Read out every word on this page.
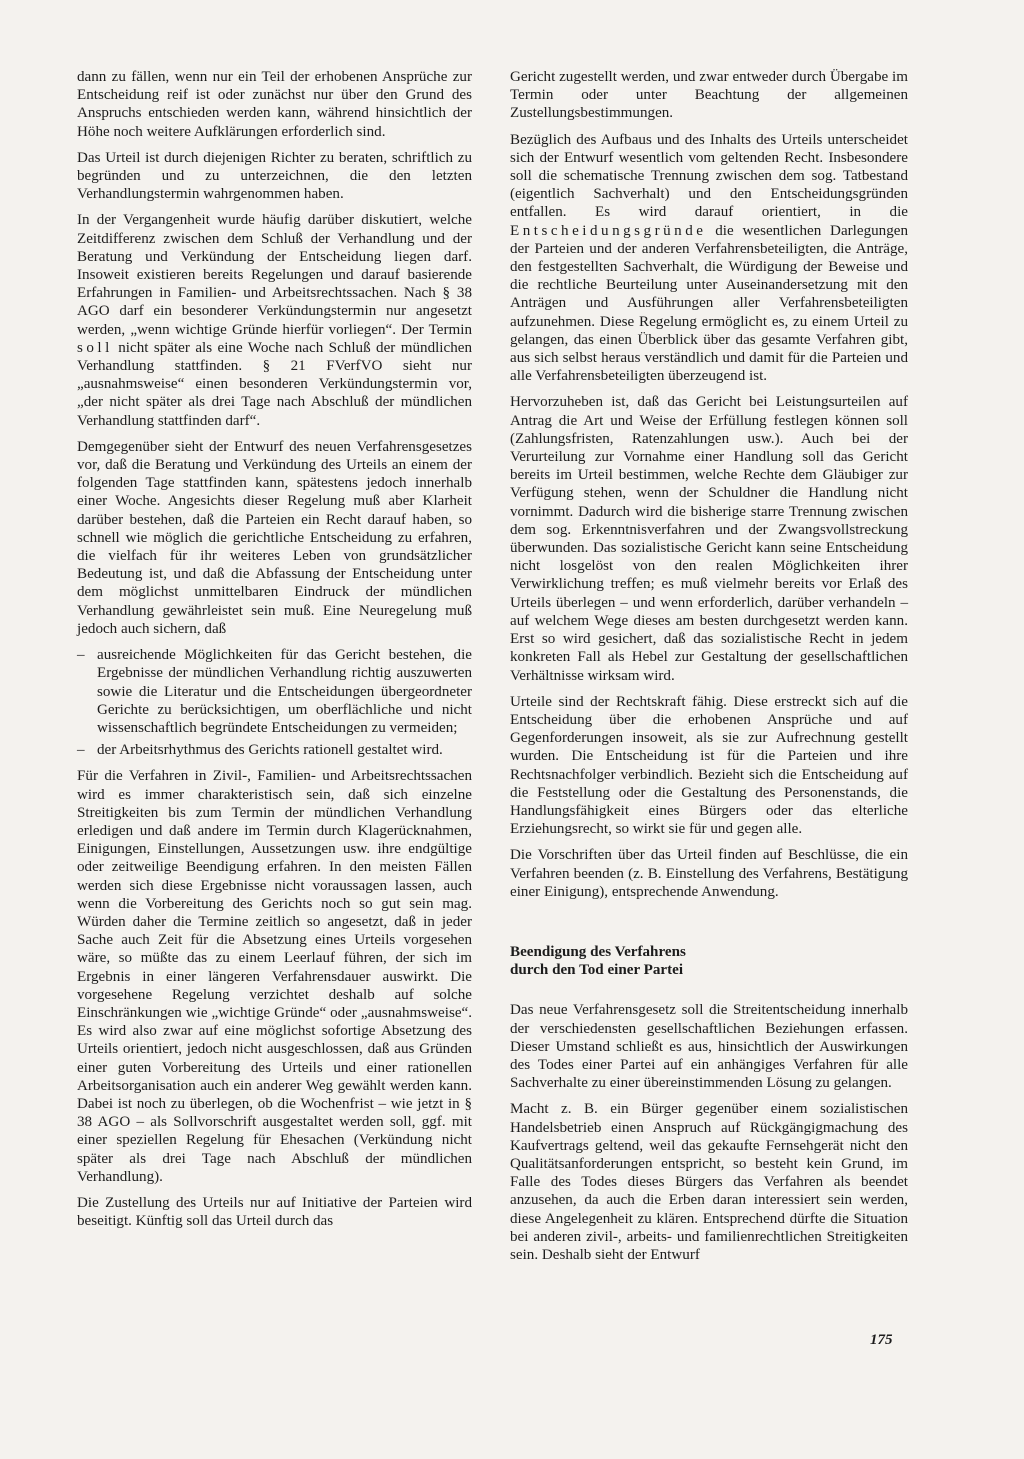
dann zu fällen, wenn nur ein Teil der erhobenen Ansprüche zur Entscheidung reif ist oder zunächst nur über den Grund des Anspruchs entschieden werden kann, während hinsichtlich der Höhe noch weitere Aufklärungen erforderlich sind.

Das Urteil ist durch diejenigen Richter zu beraten, schriftlich zu begründen und zu unterzeichnen, die den letzten Verhandlungstermin wahrgenommen haben.

In der Vergangenheit wurde häufig darüber diskutiert, welche Zeitdifferenz zwischen dem Schluß der Verhandlung und der Beratung und Verkündung der Entscheidung liegen darf. Insoweit existieren bereits Regelungen und darauf basierende Erfahrungen in Familien- und Arbeitsrechtssachen. Nach § 38 AGO darf ein besonderer Verkündungstermin nur angesetzt werden, „wenn wichtige Gründe hierfür vorliegen“. Der Termin soll nicht später als eine Woche nach Schluß der mündlichen Verhandlung stattfinden. § 21 FVerfVO sieht nur „ausnahmsweise“ einen besonderen Verkündungstermin vor, „der nicht später als drei Tage nach Abschluß der mündlichen Verhandlung stattfinden darf“.

Demgegenüber sieht der Entwurf des neuen Verfahrensgesetzes vor, daß die Beratung und Verkündung des Urteils an einem der folgenden Tage stattfinden kann, spätestens jedoch innerhalb einer Woche. Angesichts dieser Regelung muß aber Klarheit darüber bestehen, daß die Parteien ein Recht darauf haben, so schnell wie möglich die gerichtliche Entscheidung zu erfahren, die vielfach für ihr weiteres Leben von grundsätzlicher Bedeutung ist, und daß die Abfassung der Entscheidung unter dem möglichst unmittelbaren Eindruck der mündlichen Verhandlung gewährleistet sein muß. Eine Neuregelung muß jedoch auch sichern, daß

– ausreichende Möglichkeiten für das Gericht bestehen, die Ergebnisse der mündlichen Verhandlung richtig auszuwerten sowie die Literatur und die Entscheidungen übergeordneter Gerichte zu berücksichtigen, um oberflächliche und nicht wissenschaftlich begründete Entscheidungen zu vermeiden;
– der Arbeitsrhythmus des Gerichts rationell gestaltet wird.

Für die Verfahren in Zivil-, Familien- und Arbeitsrechtssachen wird es immer charakteristisch sein, daß sich einzelne Streitigkeiten bis zum Termin der mündlichen Verhandlung erledigen und daß andere im Termin durch Klagerücknahmen, Einigungen, Einstellungen, Aussetzungen usw. ihre endgültige oder zeitweilige Beendigung erfahren. In den meisten Fällen werden sich diese Ergebnisse nicht voraussagen lassen, auch wenn die Vorbereitung des Gerichts noch so gut sein mag. Würden daher die Termine zeitlich so angesetzt, daß in jeder Sache auch Zeit für die Absetzung eines Urteils vorgesehen wäre, so müßte das zu einem Leerlauf führen, der sich im Ergebnis in einer längeren Verfahrensdauer auswirkt. Die vorgesehene Regelung verzichtet deshalb auf solche Einschränkungen wie „wichtige Gründe“ oder „ausnahmsweise“. Es wird also zwar auf eine möglichst sofortige Absetzung des Urteils orientiert, jedoch nicht ausgeschlossen, daß aus Gründen einer guten Vorbereitung des Urteils und einer rationellen Arbeitsorganisation auch ein anderer Weg gewählt werden kann. Dabei ist noch zu überlegen, ob die Wochenfrist – wie jetzt in § 38 AGO – als Sollvorschrift ausgestaltet werden soll, ggf. mit einer speziellen Regelung für Ehesachen (Verkündung nicht später als drei Tage nach Abschluß der mündlichen Verhandlung).

Die Zustellung des Urteils nur auf Initiative der Parteien wird beseitigt. Künftig soll das Urteil durch das

Gericht zugestellt werden, und zwar entweder durch Übergabe im Termin oder unter Beachtung der allgemeinen Zustellungsbestimmungen.

Bezüglich des Aufbaus und des Inhalts des Urteils unterscheidet sich der Entwurf wesentlich vom geltenden Recht. Insbesondere soll die schematische Trennung zwischen dem sog. Tatbestand (eigentlich Sachverhalt) und den Entscheidungsgründen entfallen. Es wird darauf orientiert, in die Entscheidungsgründe die wesentlichen Darlegungen der Parteien und der anderen Verfahrensbeteiligten, die Anträge, den festgestellten Sachverhalt, die Würdigung der Beweise und die rechtliche Beurteilung unter Auseinandersetzung mit den Anträgen und Ausführungen aller Verfahrensbeteiligten aufzunehmen. Diese Regelung ermöglicht es, zu einem Urteil zu gelangen, das einen Überblick über das gesamte Verfahren gibt, aus sich selbst heraus verständlich und damit für die Parteien und alle Verfahrensbeteiligten überzeugend ist.

Hervorzuheben ist, daß das Gericht bei Leistungsurteilen auf Antrag die Art und Weise der Erfüllung festlegen können soll (Zahlungsfristen, Ratenzahlungen usw.). Auch bei der Verurteilung zur Vornahme einer Handlung soll das Gericht bereits im Urteil bestimmen, welche Rechte dem Gläubiger zur Verfügung stehen, wenn der Schuldner die Handlung nicht vornimmt. Dadurch wird die bisherige starre Trennung zwischen dem sog. Erkenntnisverfahren und der Zwangsvollstreckung überwunden. Das sozialistische Gericht kann seine Entscheidung nicht losgelöst von den realen Möglichkeiten ihrer Verwirklichung treffen; es muß vielmehr bereits vor Erlaß des Urteils überlegen – und wenn erforderlich, darüber verhandeln – auf welchem Wege dieses am besten durchgesetzt werden kann. Erst so wird gesichert, daß das sozialistische Recht in jedem konkreten Fall als Hebel zur Gestaltung der gesellschaftlichen Verhältnisse wirksam wird.

Urteile sind der Rechtskraft fähig. Diese erstreckt sich auf die Entscheidung über die erhobenen Ansprüche und auf Gegenforderungen insoweit, als sie zur Aufrechnung gestellt wurden. Die Entscheidung ist für die Parteien und ihre Rechtsnachfolger verbindlich. Bezieht sich die Entscheidung auf die Feststellung oder die Gestaltung des Personenstands, die Handlungsfähigkeit eines Bürgers oder das elterliche Erziehungsrecht, so wirkt sie für und gegen alle.

Die Vorschriften über das Urteil finden auf Beschlüsse, die ein Verfahren beenden (z. B. Einstellung des Verfahrens, Bestätigung einer Einigung), entsprechende Anwendung.

Beendigung des Verfahrens
durch den Tod einer Partei

Das neue Verfahrensgesetz soll die Streitentscheidung innerhalb der verschiedensten gesellschaftlichen Beziehungen erfassen. Dieser Umstand schließt es aus, hinsichtlich der Auswirkungen des Todes einer Partei auf ein anhängiges Verfahren für alle Sachverhalte zu einer übereinstimmenden Lösung zu gelangen.

Macht z. B. ein Bürger gegenüber einem sozialistischen Handelsbetrieb einen Anspruch auf Rückgängigmachung des Kaufvertrags geltend, weil das gekaufte Fernsehgerät nicht den Qualitätsanforderungen entspricht, so besteht kein Grund, im Falle des Todes dieses Bürgers das Verfahren als beendet anzusehen, da auch die Erben daran interessiert sein werden, diese Angelegenheit zu klären. Entsprechend dürfte die Situation bei anderen zivil-, arbeits- und familienrechtlichen Streitigkeiten sein. Deshalb sieht der Entwurf

175
